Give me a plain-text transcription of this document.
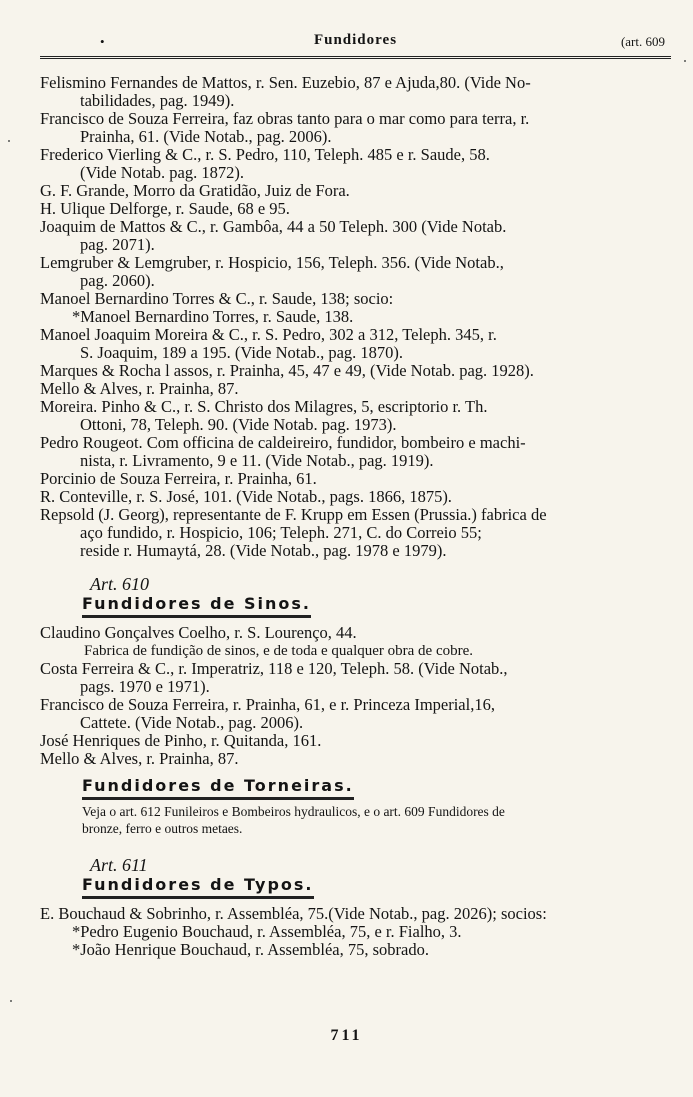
•	Fundidores	(art. 609
Felismino Fernandes de Mattos, r. Sen. Euzebio, 87 e Ajuda,80. (Vide No-
tabilidades, pag. 1949).
Francisco de Souza Ferreira, faz obras tanto para o mar como para terra, r.
Prainha, 61. (Vide Notab., pag. 2006).
Frederico Vierling & C., r. S. Pedro, 110, Teleph. 485 e r. Saude, 58.
(Vide Notab. pag. 1872).
G. F. Grande, Morro da Gratidão, Juiz de Fora.
H. Ulique Delforge, r. Saude, 68 e 95.
Joaquim de Mattos & C., r. Gambôa, 44 a 50 Teleph. 300 (Vide Notab.
pag. 2071).
Lemgruber & Lemgruber, r. Hospicio, 156, Teleph. 356. (Vide Notab.,
pag. 2060).
Manoel Bernardino Torres & C., r. Saude, 138; socio:
*Manoel Bernardino Torres, r. Saude, 138.
Manoel Joaquim Moreira & C., r. S. Pedro, 302 a 312, Teleph. 345, r.
S. Joaquim, 189 a 195. (Vide Notab., pag. 1870).
Marques & Rocha l assos, r. Prainha, 45, 47 e 49, (Vide Notab. pag. 1928).
Mello & Alves, r. Prainha, 87.
Moreira. Pinho & C., r. S. Christo dos Milagres, 5, escriptorio r. Th.
Ottoni, 78, Teleph. 90. (Vide Notab. pag. 1973).
Pedro Rougeot. Com officina de caldeireiro, fundidor, bombeiro e machi-
nista, r. Livramento, 9 e 11. (Vide Notab., pag. 1919).
Porcinio de Souza Ferreira, r. Prainha, 61.
R. Conteville, r. S. José, 101. (Vide Notab., pags. 1866, 1875).
Repsold (J. Georg), representante de F. Krupp em Essen (Prussia.) fabrica de
aço fundido, r. Hospicio, 106; Teleph. 271, C. do Correio 55;
reside r. Humaytá, 28. (Vide Notab., pag. 1978 e 1979).
Art. 610
Fundidores de Sinos.
Claudino Gonçalves Coelho, r. S. Lourenço, 44.
Fabrica de fundição de sinos, e de toda e qualquer obra de cobre.
Costa Ferreira & C., r. Imperatriz, 118 e 120, Teleph. 58. (Vide Notab.,
pags. 1970 e 1971).
Francisco de Souza Ferreira, r. Prainha, 61, e r. Princeza Imperial,16,
Cattete. (Vide Notab., pag. 2006).
José Henriques de Pinho, r. Quitanda, 161.
Mello & Alves, r. Prainha, 87.
Fundidores de Torneiras.
Veja o art. 612 Funileiros e Bombeiros hydraulicos, e o art. 609 Fundidores de
bronze, ferro e outros metaes.
Art. 611
Fundidores de Typos.
E. Bouchaud & Sobrinho, r. Assembléa, 75.(Vide Notab., pag. 2026); socios:
*Pedro Eugenio Bouchaud, r. Assembléa, 75, e r. Fialho, 3.
*João Henrique Bouchaud, r. Assembléa, 75, sobrado.
711
